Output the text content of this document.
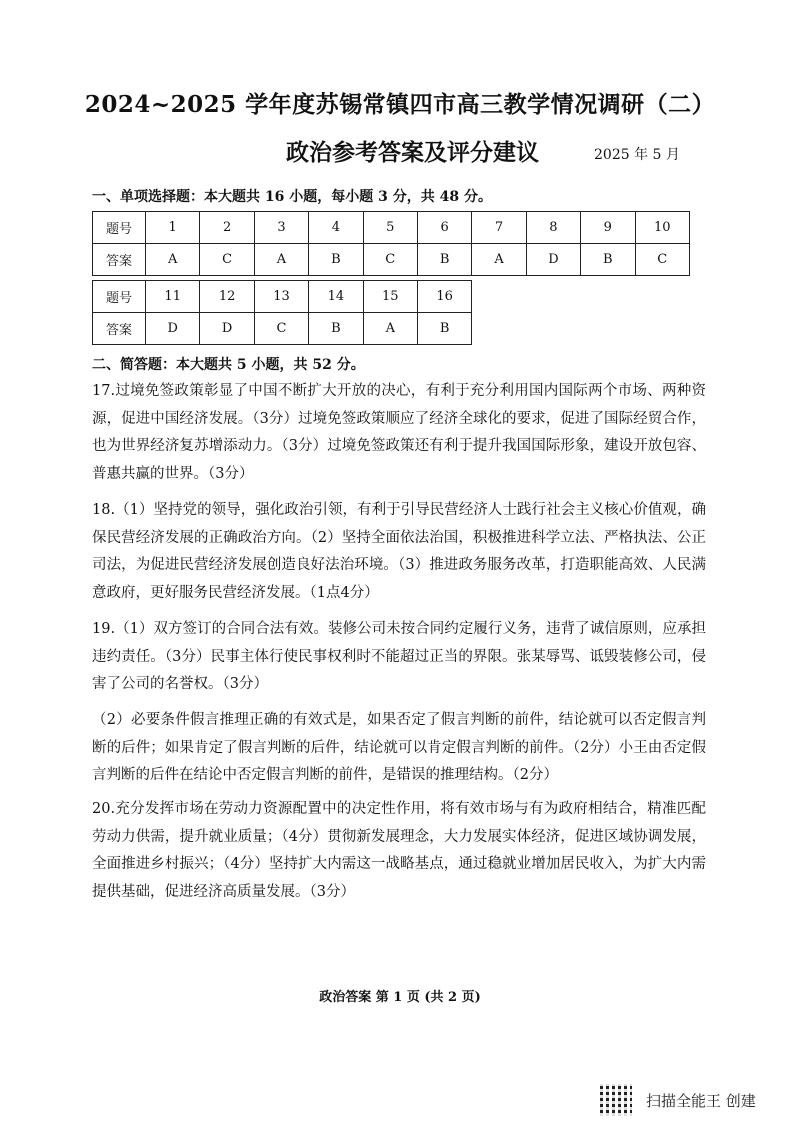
2024~2025 学年度苏锡常镇四市高三教学情况调研（二）
政治参考答案及评分建议	2025 年 5 月
一、单项选择题：本大题共 16 小题，每小题 3 分，共 48 分。
题号	1	2	3	4	5	6	7	8	9	10
答案	A	C	A	B	C	B	A	D	B	C
题号	11	12	13	14	15	16
答案	D	D	C	B	A	B
二、简答题：本大题共 5 小题，共 52 分。
17.过境免签政策彰显了中国不断扩大开放的决心，有利于充分利用国内国际两个市场、两种资源，促进中国经济发展。（3分）过境免签政策顺应了经济全球化的要求，促进了国际经贸合作，也为世界经济复苏增添动力。（3分）过境免签政策还有利于提升我国国际形象，建设开放包容、普惠共赢的世界。（3分）
18.（1）坚持党的领导，强化政治引领，有利于引导民营经济人士践行社会主义核心价值观，确保民营经济发展的正确政治方向。（2）坚持全面依法治国，积极推进科学立法、严格执法、公正司法，为促进民营经济发展创造良好法治环境。（3）推进政务服务改革，打造职能高效、人民满意政府，更好服务民营经济发展。（1点4分）
19.（1）双方签订的合同合法有效。装修公司未按合同约定履行义务，违背了诚信原则，应承担违约责任。（3分）民事主体行使民事权利时不能超过正当的界限。张某辱骂、诋毁装修公司，侵害了公司的名誉权。（3分）
（2）必要条件假言推理正确的有效式是，如果否定了假言判断的前件，结论就可以否定假言判断的后件；如果肯定了假言判断的后件，结论就可以肯定假言判断的前件。（2分）小王由否定假言判断的后件在结论中否定假言判断的前件，是错误的推理结构。（2分）
20.充分发挥市场在劳动力资源配置中的决定性作用，将有效市场与有为政府相结合，精准匹配劳动力供需，提升就业质量；（4分）贯彻新发展理念，大力发展实体经济，促进区域协调发展，全面推进乡村振兴；（4分）坚持扩大内需这一战略基点，通过稳就业增加居民收入，为扩大内需提供基础，促进经济高质量发展。（3分）
政治答案 第 1 页 (共 2 页)
扫描全能王 创建
